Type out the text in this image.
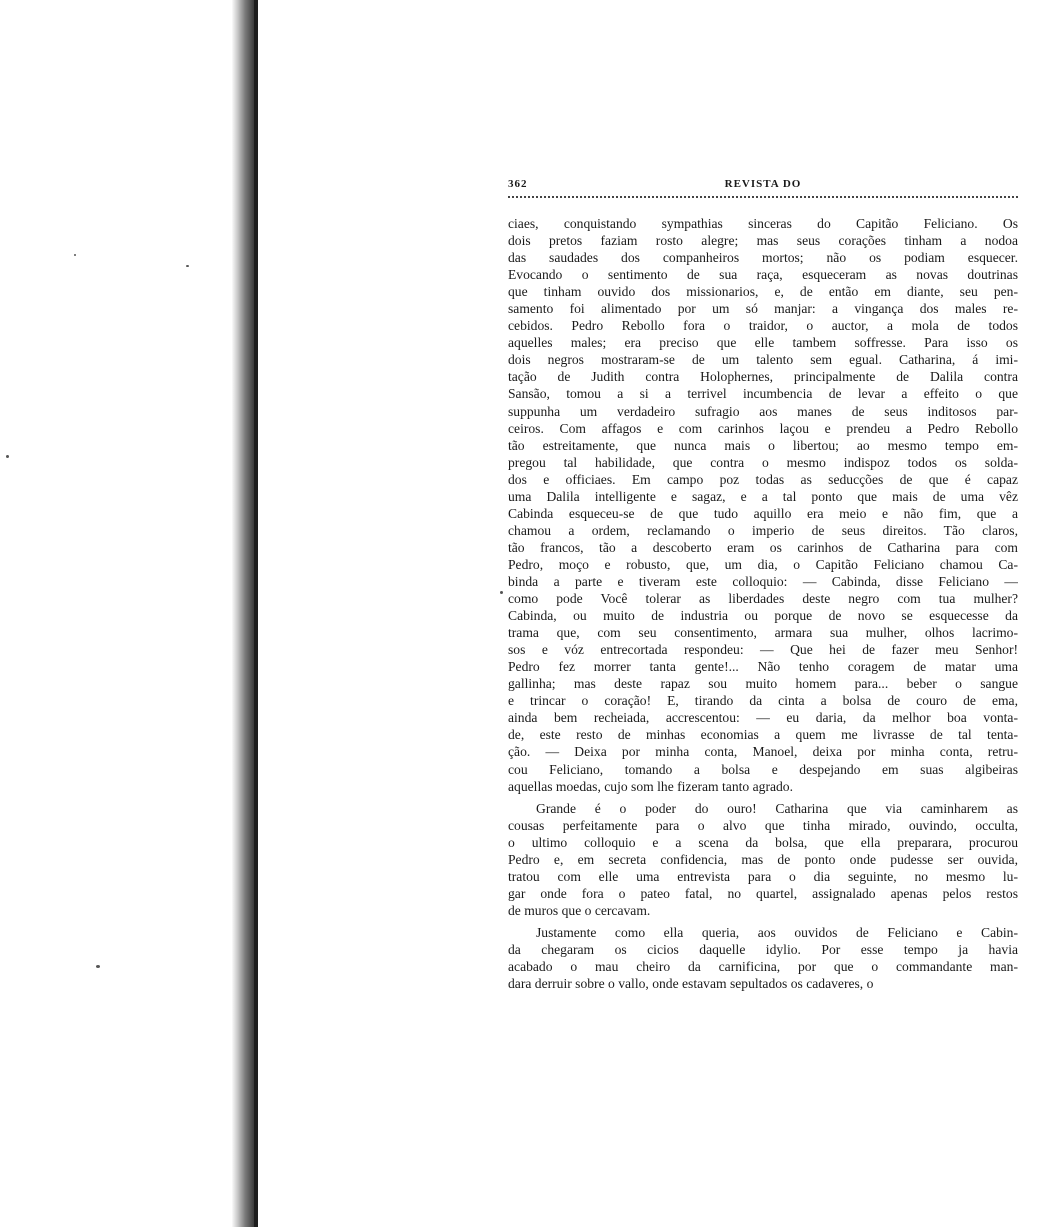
362	REVISTA DO
ciaes, conquistando sympathias sinceras do Capitão Feliciano. Os
dois pretos faziam rosto alegre; mas seus corações tinham a nodoa
das saudades dos companheiros mortos; não os podiam esquecer.
Evocando o sentimento de sua raça, esqueceram as novas doutrinas
que tinham ouvido dos missionarios, e, de então em diante, seu pen-
samento foi alimentado por um só manjar: a vingança dos males re-
cebidos. Pedro Rebollo fora o traidor, o auctor, a mola de todos
aquelles males; era preciso que elle tambem soffresse. Para isso os
dois negros mostraram-se de um talento sem egual. Catharina, á imi-
tação de Judith contra Holophernes, principalmente de Dalila contra
Sansão, tomou a si a terrivel incumbencia de levar a effeito o que
suppunha um verdadeiro sufragio aos manes de seus inditosos par-
ceiros. Com affagos e com carinhos laçou e prendeu a Pedro Rebollo
tão estreitamente, que nunca mais o libertou; ao mesmo tempo em-
pregou tal habilidade, que contra o mesmo indispoz todos os solda-
dos e officiaes. Em campo poz todas as seducções de que é capaz
uma Dalila intelligente e sagaz, e a tal ponto que mais de uma vêz
Cabinda esqueceu-se de que tudo aquillo era meio e não fim, que a
chamou a ordem, reclamando o imperio de seus direitos. Tão claros,
tão francos, tão a descoberto eram os carinhos de Catharina para com
Pedro, moço e robusto, que, um dia, o Capitão Feliciano chamou Ca-
binda a parte e tiveram este colloquio: — Cabinda, disse Feliciano —
como pode Você tolerar as liberdades deste negro com tua mulher?
Cabinda, ou muito de industria ou porque de novo se esquecesse da
trama que, com seu consentimento, armara sua mulher, olhos lacrimo-
sos e vóz entrecortada respondeu: — Que hei de fazer meu Senhor!
Pedro fez morrer tanta gente!... Não tenho coragem de matar uma
gallinha; mas deste rapaz sou muito homem para... beber o sangue
e trincar o coração! E, tirando da cinta a bolsa de couro de ema,
ainda bem recheiada, accrescentou: — eu daria, da melhor boa vonta-
de, este resto de minhas economias a quem me livrasse de tal tenta-
ção. — Deixa por minha conta, Manoel, deixa por minha conta, retru-
cou Feliciano, tomando a bolsa e despejando em suas algibeiras
aquellas moedas, cujo som lhe fizeram tanto agrado.
Grande é o poder do ouro! Catharina que via caminharem as
cousas perfeitamente para o alvo que tinha mirado, ouvindo, occulta,
o ultimo colloquio e a scena da bolsa, que ella preparara, procurou
Pedro e, em secreta confidencia, mas de ponto onde pudesse ser ouvida,
tratou com elle uma entrevista para o dia seguinte, no mesmo lu-
gar onde fora o pateo fatal, no quartel, assignalado apenas pelos restos
de muros que o cercavam.
Justamente como ella queria, aos ouvidos de Feliciano e Cabin-
da chegaram os cicios daquelle idylio. Por esse tempo ja havia
acabado o mau cheiro da carnificina, por que o commandante man-
dara derruir sobre o vallo, onde estavam sepultados os cadaveres, o
